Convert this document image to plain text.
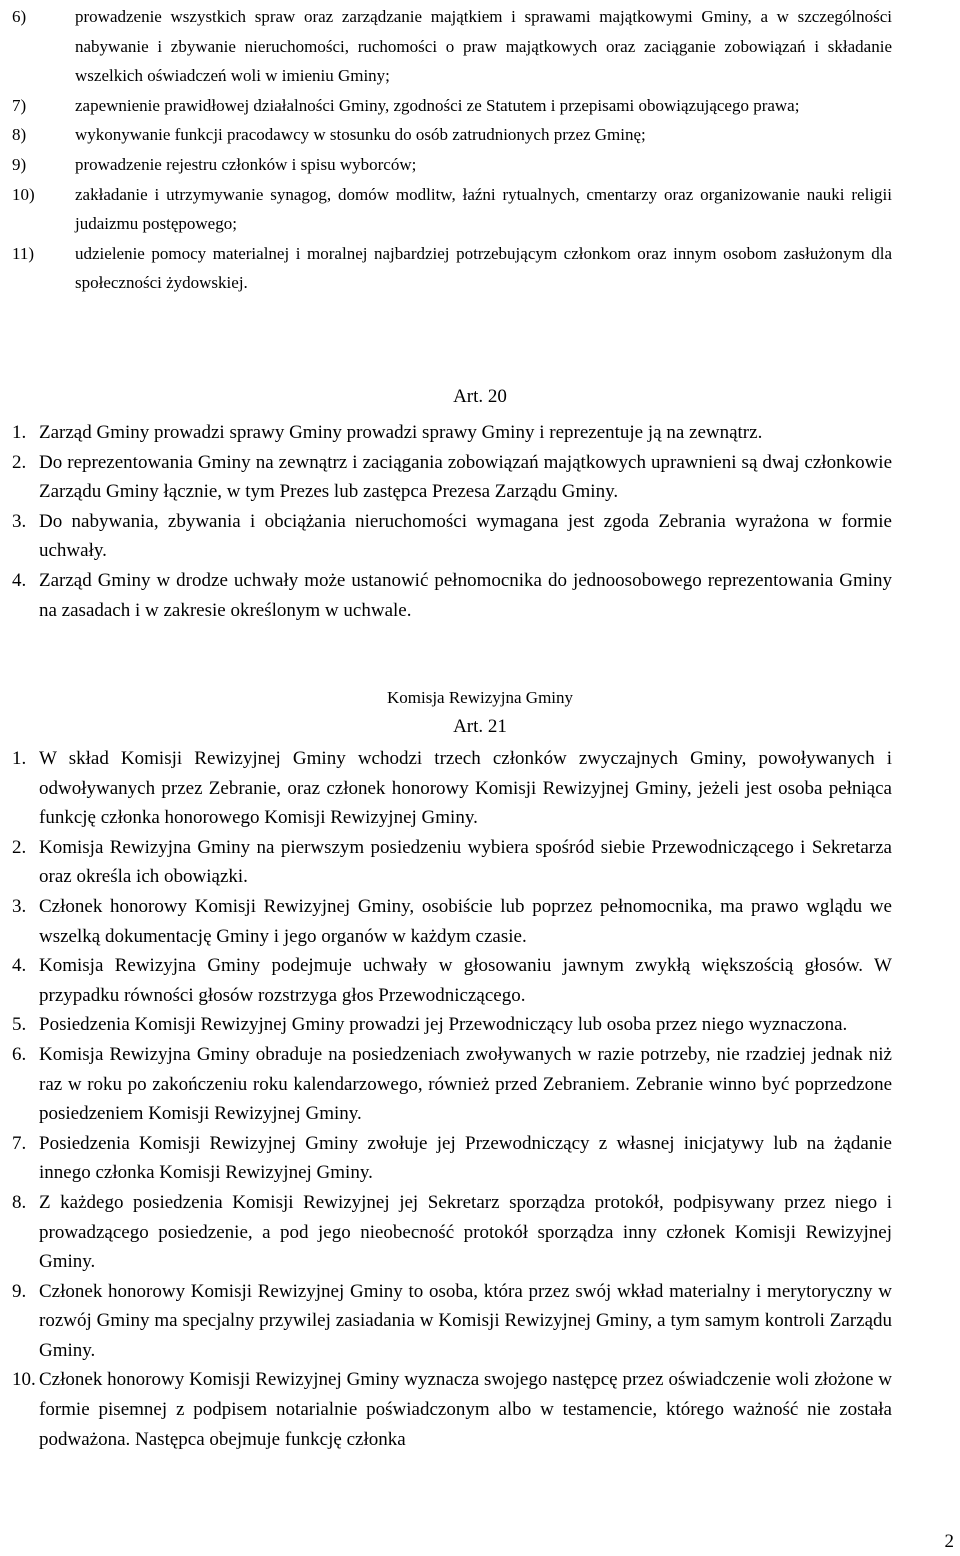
6)	prowadzenie wszystkich spraw oraz zarządzanie majątkiem i sprawami majątkowymi Gminy, a w szczególności nabywanie i zbywanie nieruchomości, ruchomości o praw majątkowych oraz zaciąganie zobowiązań i składanie wszelkich oświadczeń woli w imieniu Gminy;
7)	zapewnienie prawidłowej działalności Gminy, zgodności ze Statutem i przepisami obowiązującego prawa;
8)	wykonywanie funkcji pracodawcy w stosunku do osób zatrudnionych przez Gminę;
9)	prowadzenie rejestru członków i spisu wyborców;
10)	zakładanie i utrzymywanie synagog, domów modlitw, łaźni rytualnych, cmentarzy oraz organizowanie nauki religii judaizmu postępowego;
11)	udzielenie pomocy materialnej i moralnej najbardziej potrzebującym członkom oraz innym osobom zasłużonym dla społeczności żydowskiej.
Art. 20
1. Zarząd Gminy prowadzi sprawy Gminy prowadzi sprawy Gminy i reprezentuje ją na zewnątrz.
2. Do reprezentowania Gminy na zewnątrz i zaciągania zobowiązań majątkowych uprawnieni są dwaj członkowie Zarządu Gminy łącznie, w tym Prezes lub zastępca Prezesa Zarządu Gminy.
3. Do nabywania, zbywania i obciążania nieruchomości wymagana jest zgoda Zebrania wyrażona w formie uchwały.
4. Zarząd Gminy w drodze uchwały może ustanowić pełnomocnika do jednoosobowego reprezentowania Gminy na zasadach i w zakresie określonym w uchwale.
Komisja Rewizyjna Gminy
Art. 21
1. W skład Komisji Rewizyjnej Gminy wchodzi trzech członków zwyczajnych Gminy, powoływanych i odwoływanych przez Zebranie, oraz członek honorowy Komisji Rewizyjnej Gminy, jeżeli jest osoba pełniąca funkcję członka honorowego Komisji Rewizyjnej Gminy.
2. Komisja Rewizyjna Gminy na pierwszym posiedzeniu wybiera spośród siebie Przewodniczącego i Sekretarza oraz określa ich obowiązki.
3. Członek honorowy Komisji Rewizyjnej Gminy, osobiście lub poprzez pełnomocnika, ma prawo wglądu we wszelką dokumentację Gminy i jego organów w każdym czasie.
4. Komisja Rewizyjna Gminy podejmuje uchwały w głosowaniu jawnym zwykłą większością głosów. W przypadku równości głosów rozstrzyga głos Przewodniczącego.
5. Posiedzenia Komisji Rewizyjnej Gminy prowadzi jej Przewodniczący lub osoba przez niego wyznaczona.
6. Komisja Rewizyjna Gminy obraduje na posiedzeniach zwoływanych w razie potrzeby, nie rzadziej jednak niż raz w roku po zakończeniu roku kalendarzowego, również przed Zebraniem. Zebranie winno być poprzedzone posiedzeniem Komisji Rewizyjnej Gminy.
7. Posiedzenia Komisji Rewizyjnej Gminy zwołuje jej Przewodniczący z własnej inicjatywy lub na żądanie innego członka Komisji Rewizyjnej Gminy.
8. Z każdego posiedzenia Komisji Rewizyjnej jej Sekretarz sporządza protokół, podpisywany przez niego i prowadzącego posiedzenie, a pod jego nieobecność protokół sporządza inny członek Komisji Rewizyjnej Gminy.
9. Członek honorowy Komisji Rewizyjnej Gminy to osoba, która przez swój wkład materialny i merytoryczny w rozwój Gminy ma specjalny przywilej zasiadania w Komisji Rewizyjnej Gminy, a tym samym kontroli Zarządu Gminy.
10. Członek honorowy Komisji Rewizyjnej Gminy wyznacza swojego następcę przez oświadczenie woli złożone w formie pisemnej z podpisem notarialnie poświadczonym albo w testamencie, którego ważność nie została podważona. Następca obejmuje funkcję członka
2
